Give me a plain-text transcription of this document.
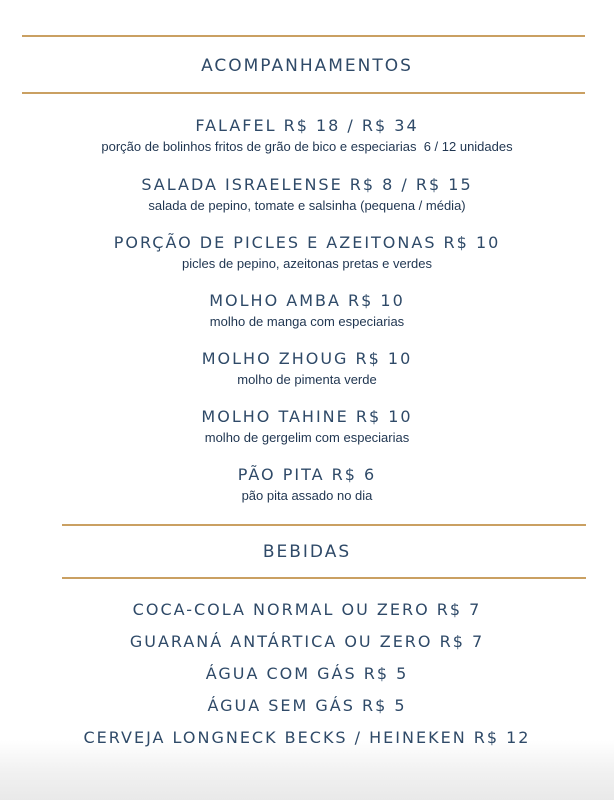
ACOMPANHAMENTOS
FALAFEL R$ 18 / R$ 34
porção de bolinhos fritos de grão de bico e especiarias  6 / 12 unidades
SALADA ISRAELENSE R$ 8 / R$ 15
salada de pepino, tomate e salsinha (pequena / média)
PORÇÃO DE PICLES E AZEITONAS R$ 10
picles de pepino, azeitonas pretas e verdes
MOLHO AMBA R$ 10
molho de manga com especiarias
MOLHO ZHOUG R$ 10
molho de pimenta verde
MOLHO TAHINE R$ 10
molho de gergelim com especiarias
PÃO PITA R$ 6
pão pita assado no dia
BEBIDAS
COCA-COLA NORMAL OU ZERO R$ 7
GUARANÁ ANTÁRTICA OU ZERO R$ 7
ÁGUA COM GÁS R$ 5
ÁGUA SEM GÁS R$ 5
CERVEJA LONGNECK BECKS / HEINEKEN R$ 12
